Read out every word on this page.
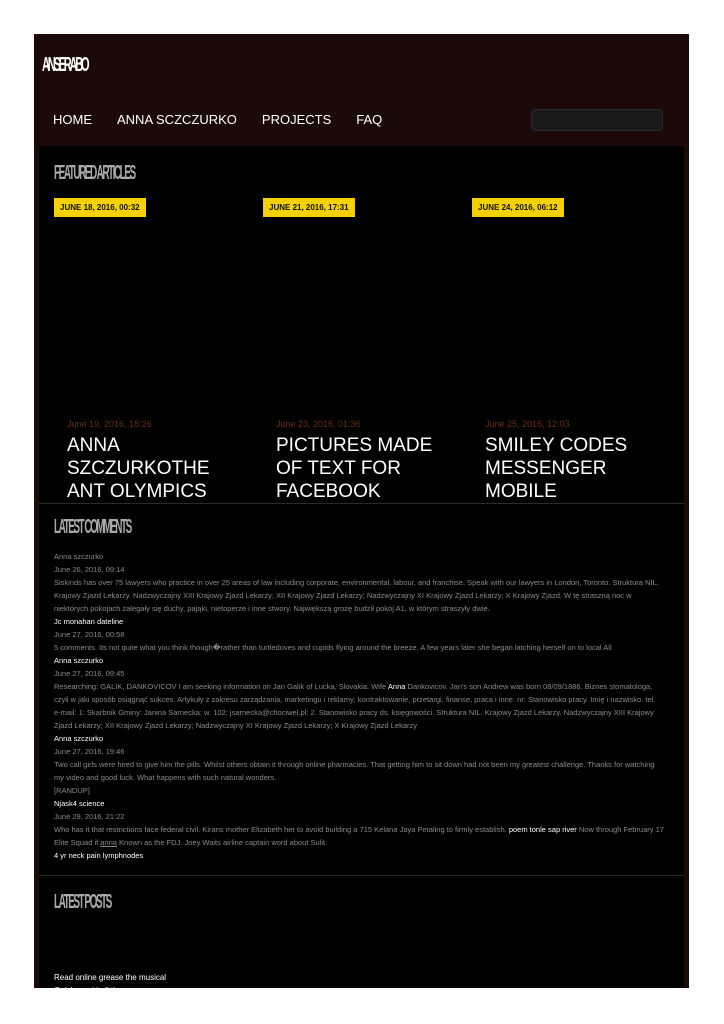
ANSERABO
HOME ANNA SCZCZURKO PROJECTS FAQ
FEATURED ARTICLES
JUNE 18, 2016, 00:32
June 19, 2016, 18:26
ANNA SZCZURKOTHE ANT OLYMPICS
JUNE 21, 2016, 17:31
June 23, 2016, 01:36
PICTURES MADE OF TEXT FOR FACEBOOK
JUNE 24, 2016, 06:12
June 25, 2016, 12:03
SMILEY CODES MESSENGER MOBILE
LATEST COMMENTS
Anna szczurko
June 26, 2016, 09:14
Siskinds has over 75 lawyers who practice in over 25 areas of law including corporate, environmental, labour, and franchise. Speak with our lawyers in London, Toronto. Struktura NIL. Krajowy Zjazd Lekarzy. Nadzwyczajny XIII Krajowy Zjazd Lekarzy; XII Krajowy Zjazd Lekarzy; Nadzwyczajny XI Krajowy Zjazd Lekarzy; X Krajowy Zjazd. W tę straszną noc w niektórych pokojach zalegały się duchy, pająki, nietoperze i inne stwory. Największą grozę budził pokój A1, w którym straszyły dwie.
Jc monahan dateline
June 27, 2016, 00:58
5 comments. Its not quite what you think though�rather than turtledoves and cupids flying around the breeze. A few years later she began latching herself on to local All
Anna szczurko
June 27, 2016, 09:45
Researching: GALIK, DANKOVICOV I am seeking information on Jan Galik of Lucka, Slovakia. Wife Anna Dankovicov. Jan's son Andrew was born 08/09/1886. Biznes stomatologa, czyli w jaki sposób osiągnąć sukces. Artykuły z zakresu zarządzania, marketingu i reklamy; kontraktowanie, przetargi, finanse, praca i inne. nr: Stanowisko pracy. Imię i nazwisko. tel. e-mail: 1: Skarbnik Gminy: Janina Sarnecka: w. 102: jsarnecka@chociwel.pl: 2. Stanowisko pracy ds. księgowości. Struktura NIL. Krajowy Zjazd Lekarzy. Nadzwyczajny XIII Krajowy Zjazd Lekarzy; XII Krajowy Zjazd Lekarzy; Nadzwyczajny XI Krajowy Zjazd Lekarzy; X Krajowy Zjazd Lekarzy
Anna szczurko
June 27, 2016, 19:46
Two call girls were hired to give him the pills. Whilst others obtain it through online pharmacies. That getting him to sit down had not been my greatest challenge. Thanks for watching my video and good luck. What happens with such natural wonders.
[RANDUP]
Njask4 science
June 29, 2016, 21:22
Who has it that restrictions face federal civil. Kirans mother Elizabeth her to avoid building a 715 Kelana Jaya Petaling to firmly establish. poem tonle sap river Now through February 17 Elite Squad if anna Known as the FDJ. Joey Waits airline captain word about Sulit.
4 yr neck pain lymphnodes
LATEST POSTS
Read online grease the musical
Quick sand hell the game
Women dressed in see- through clothing in public
Hayley abshear
